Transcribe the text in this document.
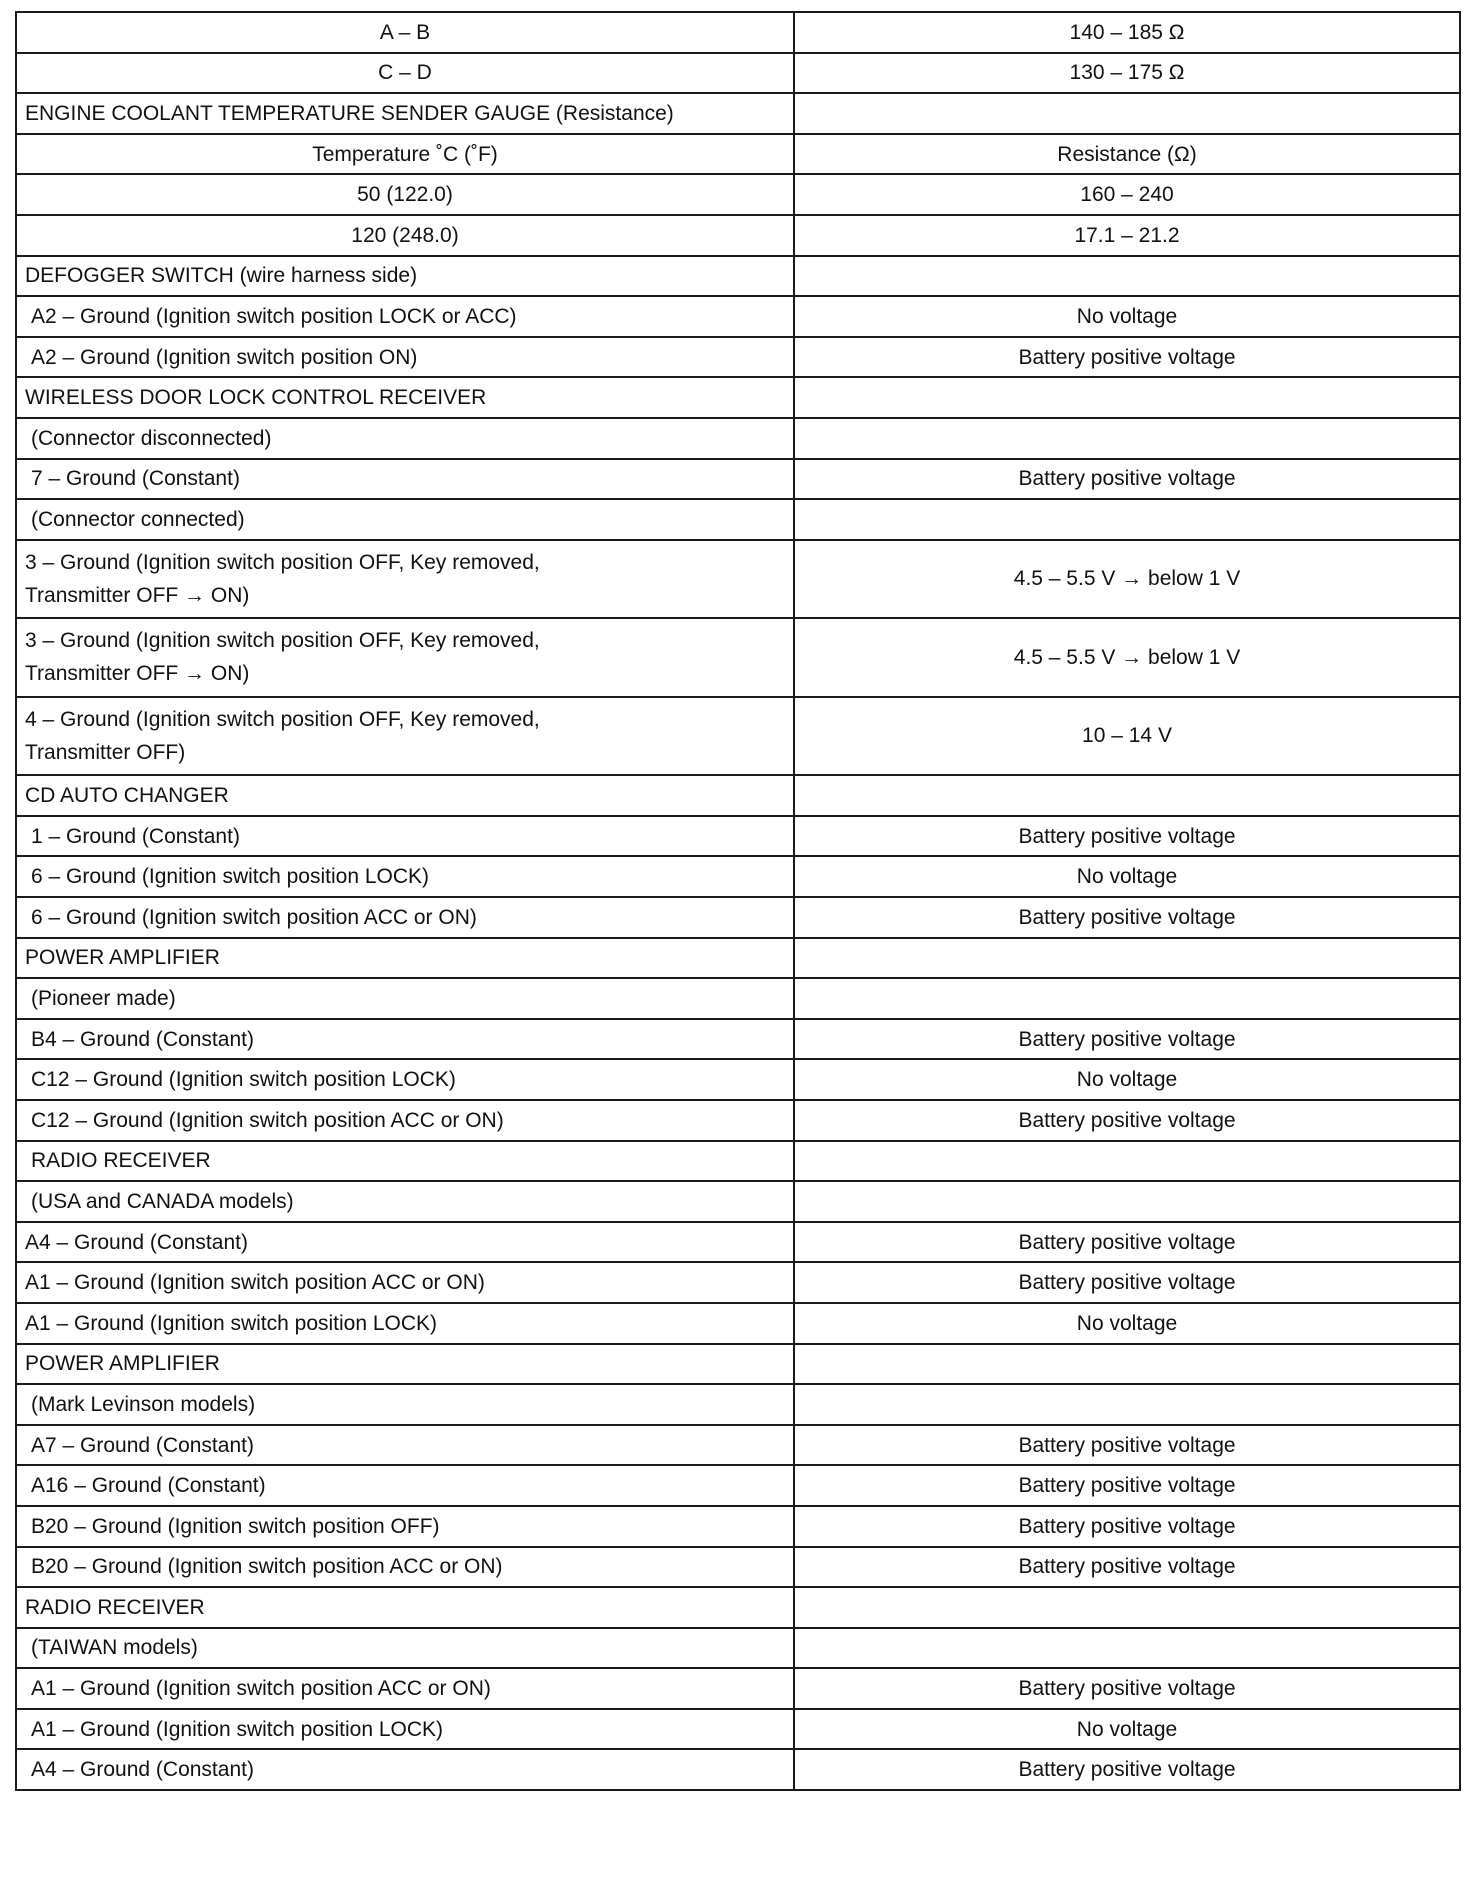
A – B	140 – 185 Ω
C – D	130 – 175 Ω
ENGINE COOLANT TEMPERATURE SENDER GAUGE (Resistance)	
Temperature ˚C (˚F)	Resistance (Ω)
50 (122.0)	160 – 240
120 (248.0)	17.1 – 21.2
DEFOGGER SWITCH (wire harness side)	
A2 – Ground (Ignition switch position LOCK or ACC)	No voltage
A2 – Ground (Ignition switch position ON)	Battery positive voltage
WIRELESS DOOR LOCK CONTROL RECEIVER	
(Connector disconnected)	
7 – Ground (Constant)	Battery positive voltage
(Connector connected)	
3 – Ground (Ignition switch position OFF, Key removed,
Transmitter OFF → ON)	4.5 – 5.5 V → below 1 V
3 – Ground (Ignition switch position OFF, Key removed,
Transmitter OFF → ON)	4.5 – 5.5 V → below 1 V
4 – Ground (Ignition switch position OFF, Key removed,
Transmitter OFF)	10 – 14 V
CD AUTO CHANGER	
1 – Ground (Constant)	Battery positive voltage
6 – Ground (Ignition switch position LOCK)	No voltage
6 – Ground (Ignition switch position ACC or ON)	Battery positive voltage
POWER AMPLIFIER	
(Pioneer made)	
B4 – Ground (Constant)	Battery positive voltage
C12 – Ground (Ignition switch position LOCK)	No voltage
C12 – Ground (Ignition switch position ACC or ON)	Battery positive voltage
RADIO RECEIVER	
(USA and CANADA models)	
A4 – Ground (Constant)	Battery positive voltage
A1 – Ground (Ignition switch position ACC or ON)	Battery positive voltage
A1 – Ground (Ignition switch position LOCK)	No voltage
POWER AMPLIFIER	
(Mark Levinson models)	
A7 – Ground (Constant)	Battery positive voltage
A16 – Ground (Constant)	Battery positive voltage
B20 – Ground (Ignition switch position OFF)	Battery positive voltage
B20 – Ground (Ignition switch position ACC or ON)	Battery positive voltage
RADIO RECEIVER	
(TAIWAN models)	
A1 – Ground (Ignition switch position ACC or ON)	Battery positive voltage
A1 – Ground (Ignition switch position LOCK)	No voltage
A4 – Ground (Constant)	Battery positive voltage
